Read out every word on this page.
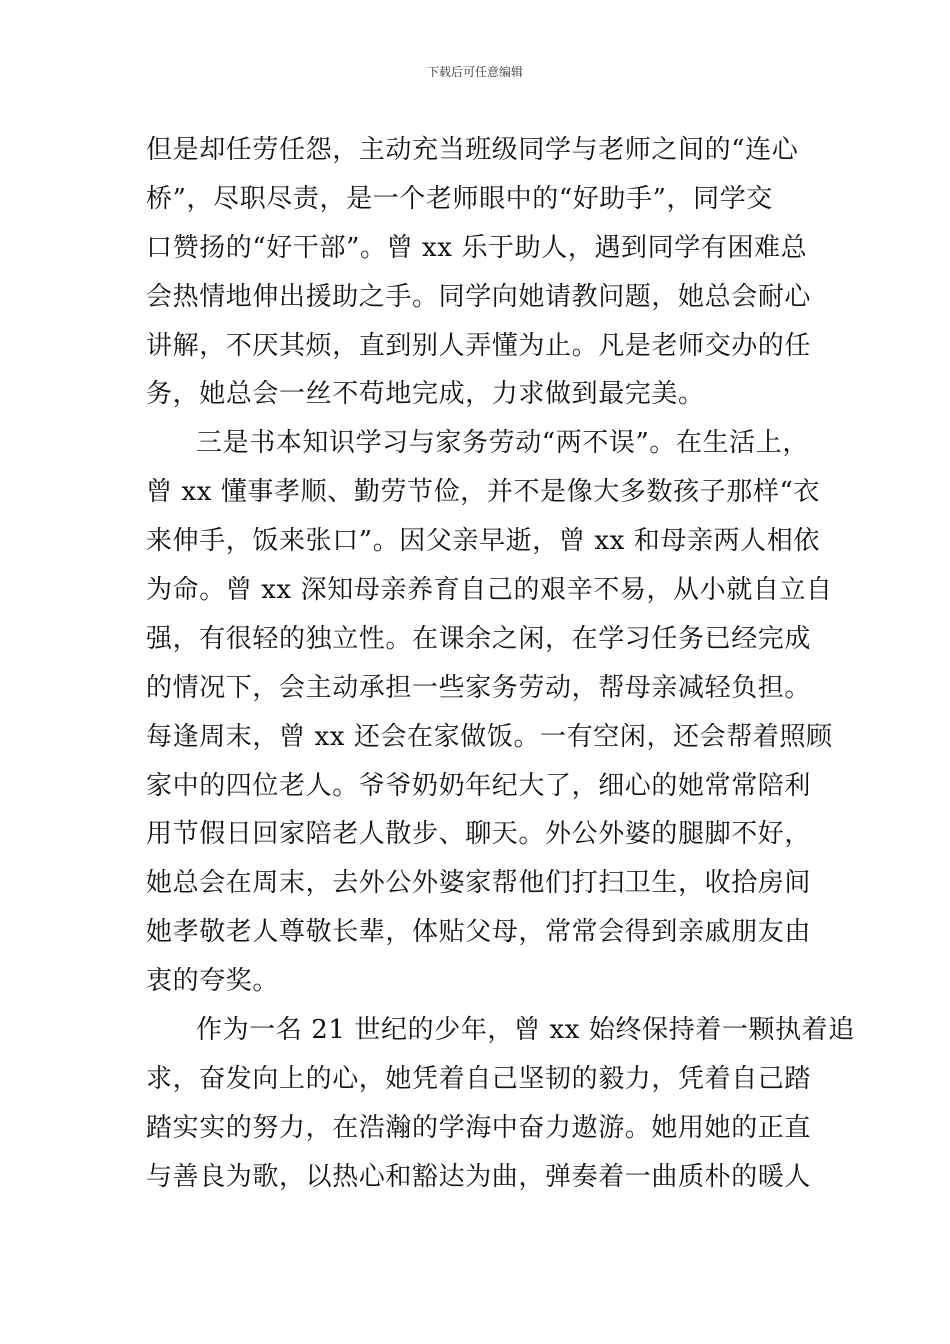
下载后可任意编辑
但是却任劳任怨，主动充当班级同学与老师之间的“连心
桥”，尽职尽责，是一个老师眼中的“好助手”，同学交
口赞扬的“好干部”。曾 xx 乐于助人，遇到同学有困难总
会热情地伸出援助之手。同学向她请教问题，她总会耐心
讲解，不厌其烦，直到别人弄懂为止。凡是老师交办的任
务，她总会一丝不苟地完成，力求做到最完美。
三是书本知识学习与家务劳动“两不误”。在生活上，
曾 xx 懂事孝顺、勤劳节俭，并不是像大多数孩子那样“衣
来伸手，饭来张口”。因父亲早逝，曾 xx 和母亲两人相依
为命。曾 xx 深知母亲养育自己的艰辛不易，从小就自立自
强，有很轻的独立性。在课余之闲，在学习任务已经完成
的情况下，会主动承担一些家务劳动，帮母亲减轻负担。
每逢周末，曾 xx 还会在家做饭。一有空闲，还会帮着照顾
家中的四位老人。爷爷奶奶年纪大了，细心的她常常陪利
用节假日回家陪老人散步、聊天。外公外婆的腿脚不好，
她总会在周末，去外公外婆家帮他们打扫卫生，收拾房间
她孝敬老人尊敬长辈，体贴父母，常常会得到亲戚朋友由
衷的夸奖。
作为一名 21 世纪的少年，曾 xx 始终保持着一颗执着追
求，奋发向上的心，她凭着自己坚韧的毅力，凭着自己踏
踏实实的努力，在浩瀚的学海中奋力遨游。她用她的正直
与善良为歌，以热心和豁达为曲，弹奏着一曲质朴的暖人
